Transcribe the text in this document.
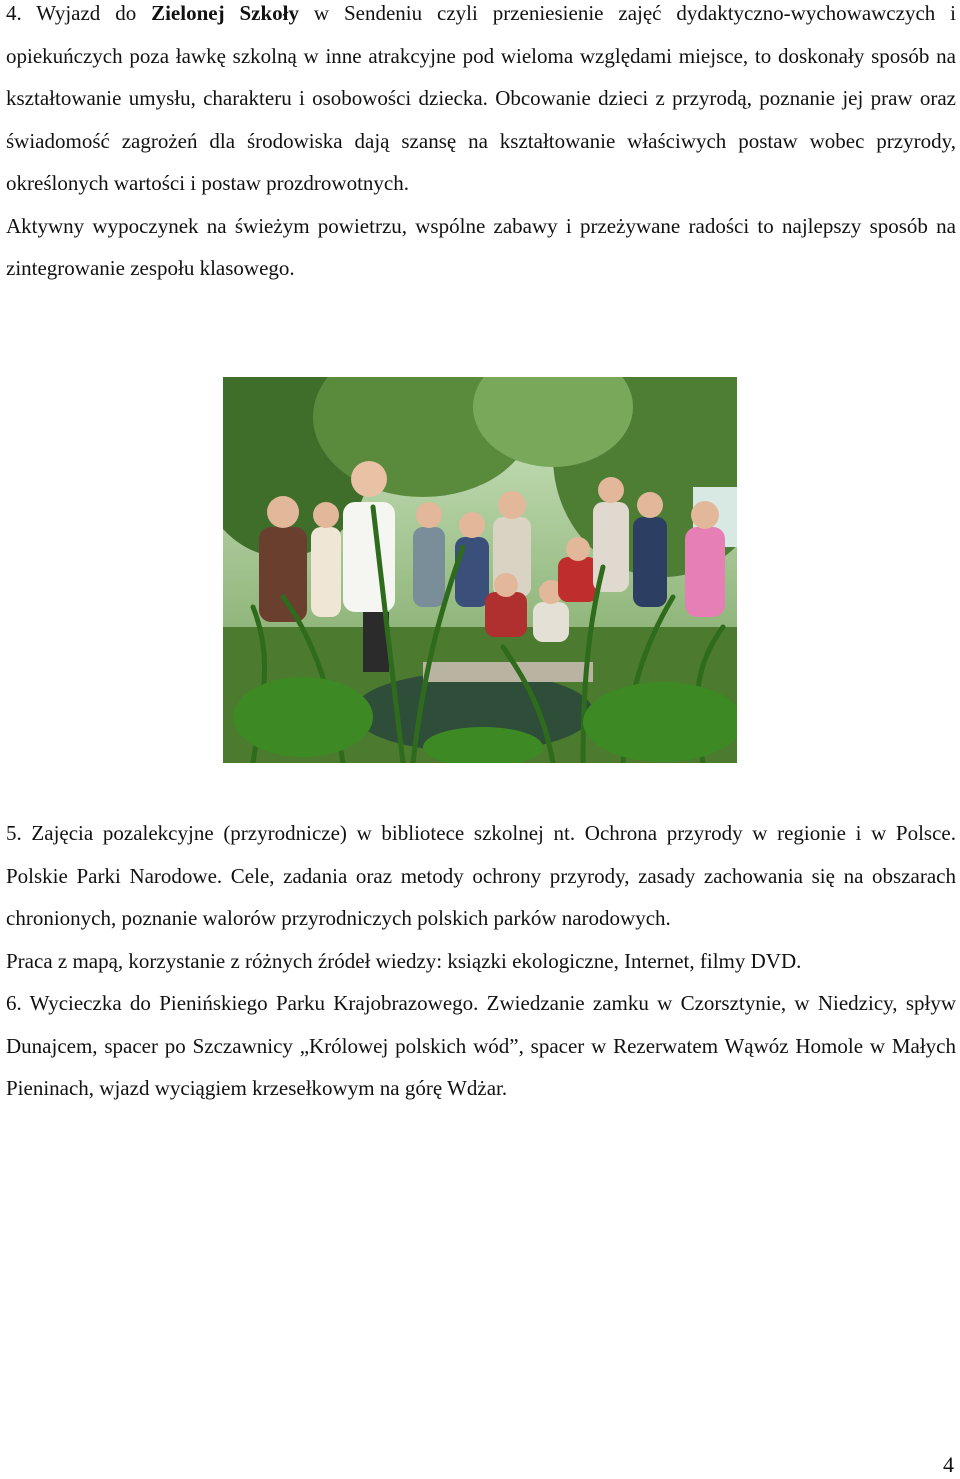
4. Wyjazd do Zielonej Szkoły w Sendeniu czyli przeniesienie zajęć dydaktyczno-wychowawczych i opiekuńczych poza ławkę szkolną w inne atrakcyjne pod wieloma względami miejsce, to doskonały sposób na kształtowanie umysłu, charakteru i osobowości dziecka. Obcowanie dzieci z przyrodą, poznanie jej praw oraz świadomość zagrożeń dla środowiska dają szansę na kształtowanie właściwych postaw wobec przyrody, określonych wartości i postaw prozdrowotnych.

Aktywny wypoczynek na świeżym powietrzu, wspólne zabawy i przeżywane radości to najlepszy sposób na zintegrowanie zespołu klasowego.

5. Zajęcia pozalekcyjne (przyrodnicze) w bibliotece szkolnej nt. Ochrona przyrody w regionie i w Polsce. Polskie Parki Narodowe. Cele, zadania oraz metody ochrony przyrody, zasady zachowania się na obszarach chronionych, poznanie walorów przyrodniczych polskich parków narodowych.

Praca z mapą, korzystanie z różnych źródeł wiedzy: ksiązki ekologiczne, Internet, filmy DVD.

6. Wycieczka do Pienińskiego Parku Krajobrazowego. Zwiedzanie zamku w Czorsztynie, w Niedzicy, spływ Dunajcem, spacer po Szczawnicy „Królowej polskich wód”, spacer w Rezerwatem Wąwóz Homole w Małych Pieninach, wjazd wyciągiem krzesełkowym na górę Wdżar.

4
